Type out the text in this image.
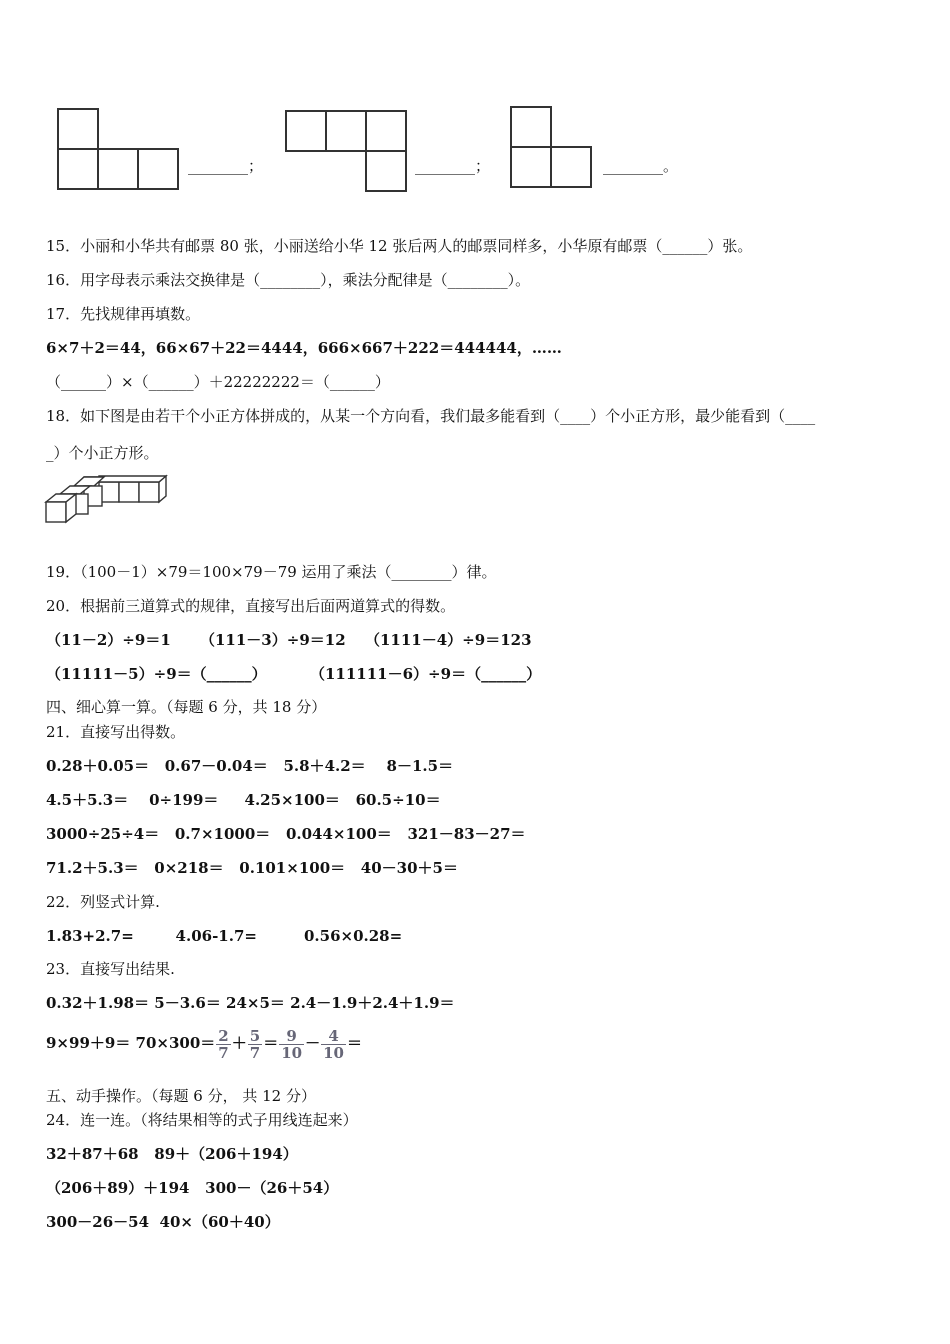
________；	________；	________。
15．小丽和小华共有邮票 80 张，小丽送给小华 12 张后两人的邮票同样多，小华原有邮票（______）张。
16．用字母表示乘法交换律是（________），乘法分配律是（________）。
17．先找规律再填数。
6×7＋2＝44，66×67＋22＝4444，666×667＋222＝444444，……
（______）×（______）＋22222222＝（______）
18．如下图是由若干个小正方体拼成的，从某一个方向看，我们最多能看到（____）个小正方形，最少能看到（____
_）个小正方形。
19．（100－1）×79＝100×79－79 运用了乘法（________）律。
20．根据前三道算式的规律，直接写出后面两道算式的得数。
（11－2）÷9＝1 （111－3）÷9＝12 （1111－4）÷9＝123
（11111－5）÷9＝（______）	（111111－6）÷9＝（______）
四、细心算一算。（每题 6 分，共 18 分）
21．直接写出得数。
0.28＋0.05＝   0.67－0.04＝   5.8＋4.2＝    8－1.5＝
4.5＋5.3＝    0÷199＝     4.25×100＝   60.5÷10＝
3000÷25÷4＝   0.7×1000＝   0.044×100＝   321－83－27＝
71.2＋5.3＝   0×218＝   0.101×100＝   40－30＋5＝
22．列竖式计算.
1.83+2.7=        4.06-1.7=         0.56×0.28=
23．直接写出结果.
0.32＋1.98＝ 5－3.6＝ 24×5＝ 2.4－1.9＋2.4＋1.9＝
$9\times 99+9= 70\times 300= \frac{2}{7} + \frac{5}{7} = \frac{9}{10} - \frac{4}{10}$ ＝
五、动手操作。（每题 6 分， 共 12 分）
24．连一连。（将结果相等的式子用线连起来）
32＋87＋68   89＋（206＋194）
（206＋89）＋194   300－（26＋54）
300－26－54  40×（60＋40）
